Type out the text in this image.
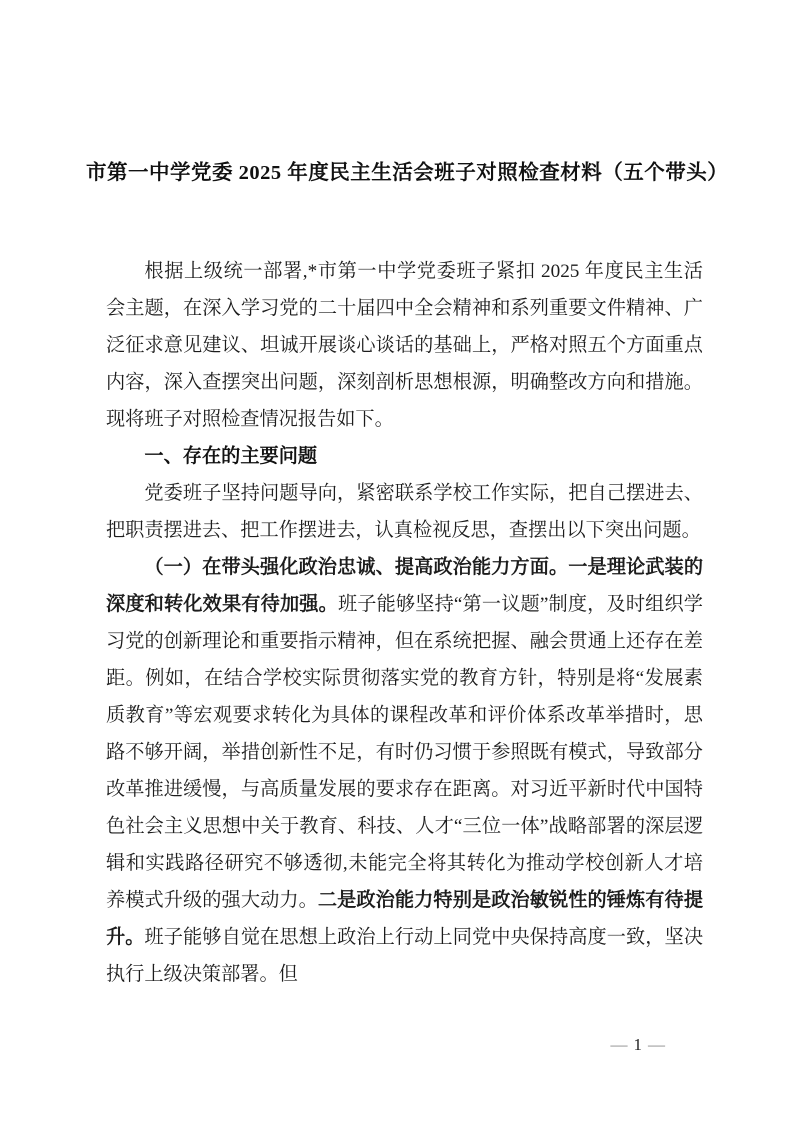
市第一中学党委 2025 年度民主生活会班子对照检查材料（五个带头）

根据上级统一部署,*市第一中学党委班子紧扣 2025 年度民主生活会主题，在深入学习党的二十届四中全会精神和系列重要文件精神、广泛征求意见建议、坦诚开展谈心谈话的基础上，严格对照五个方面重点内容，深入查摆突出问题，深刻剖析思想根源，明确整改方向和措施。现将班子对照检查情况报告如下。

一、存在的主要问题

党委班子坚持问题导向，紧密联系学校工作实际，把自己摆进去、把职责摆进去、把工作摆进去，认真检视反思，查摆出以下突出问题。

（一）在带头强化政治忠诚、提高政治能力方面。一是理论武装的深度和转化效果有待加强。班子能够坚持“第一议题”制度，及时组织学习党的创新理论和重要指示精神，但在系统把握、融会贯通上还存在差距。例如，在结合学校实际贯彻落实党的教育方针，特别是将“发展素质教育”等宏观要求转化为具体的课程改革和评价体系改革举措时，思路不够开阔，举措创新性不足，有时仍习惯于参照既有模式，导致部分改革推进缓慢，与高质量发展的要求存在距离。对习近平新时代中国特色社会主义思想中关于教育、科技、人才“三位一体”战略部署的深层逻辑和实践路径研究不够透彻,未能完全将其转化为推动学校创新人才培养模式升级的强大动力。二是政治能力特别是政治敏锐性的锤炼有待提升。班子能够自觉在思想上政治上行动上同党中央保持高度一致，坚决执行上级决策部署。但

— 1 —
